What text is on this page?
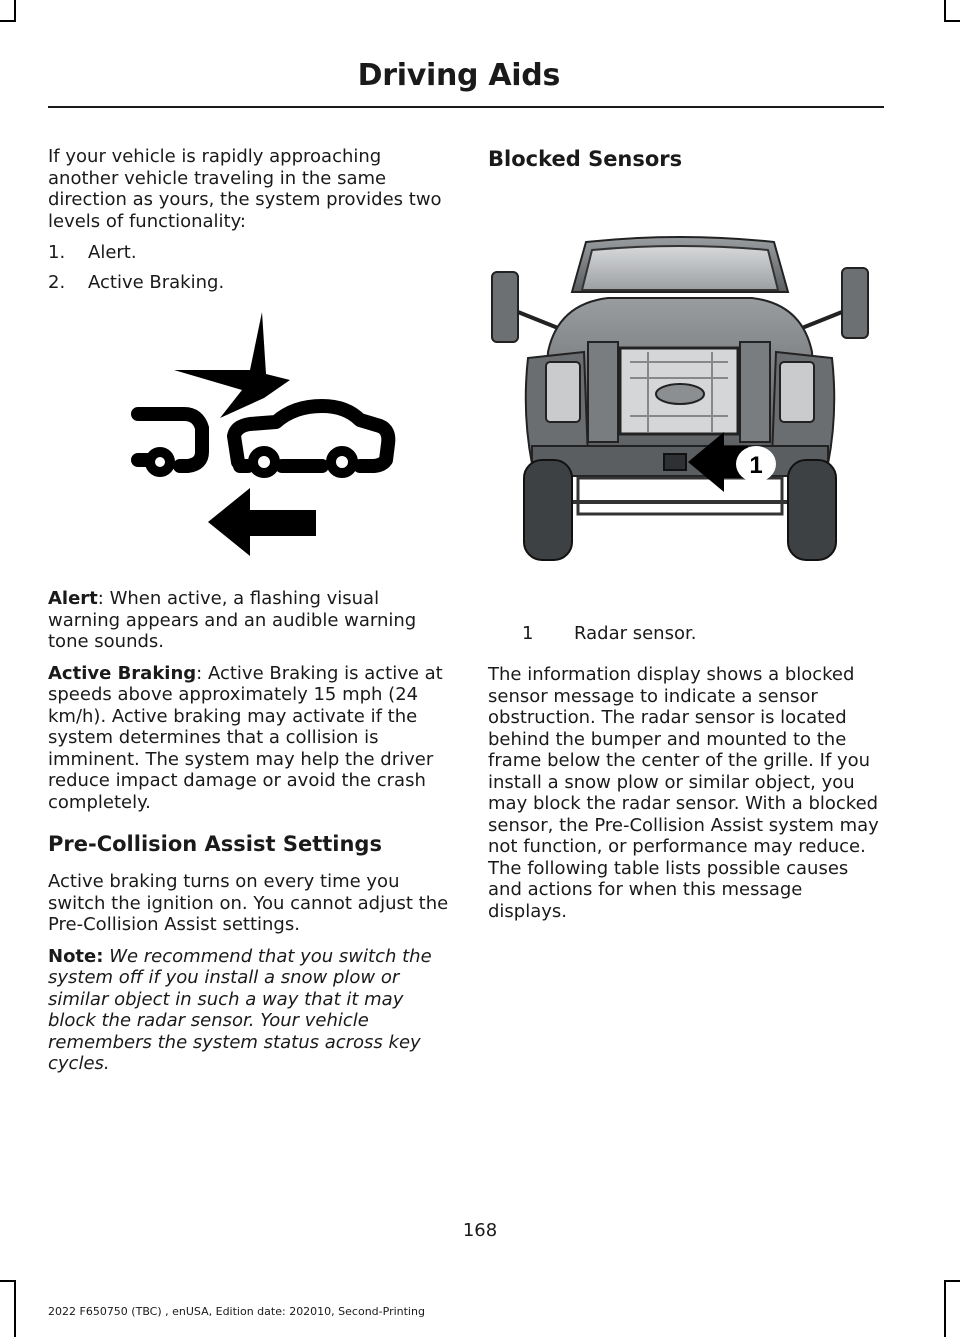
Driving Aids

If your vehicle is rapidly approaching another vehicle traveling in the same direction as yours, the system provides two levels of functionality:

1.	Alert.
2.	Active Braking.

Alert: When active, a flashing visual warning appears and an audible warning tone sounds.

Active Braking: Active Braking is active at speeds above approximately 15 mph (24 km/h). Active braking may activate if the system determines that a collision is imminent. The system may help the driver reduce impact damage or avoid the crash completely.

Pre-Collision Assist Settings

Active braking turns on every time you switch the ignition on. You cannot adjust the Pre-Collision Assist settings.

Note: We recommend that you switch the system off if you install a snow plow or similar object in such a way that it may block the radar sensor. Your vehicle remembers the system status across key cycles.

Blocked Sensors
1
1	Radar sensor.

The information display shows a blocked sensor message to indicate a sensor obstruction. The radar sensor is located behind the bumper and mounted to the frame below the center of the grille. If you install a snow plow or similar object, you may block the radar sensor. With a blocked sensor, the Pre-Collision Assist system may not function, or performance may reduce. The following table lists possible causes and actions for when this message displays.

168
2022 F650750 (TBC) , enUSA, Edition date: 202010, Second-Printing
